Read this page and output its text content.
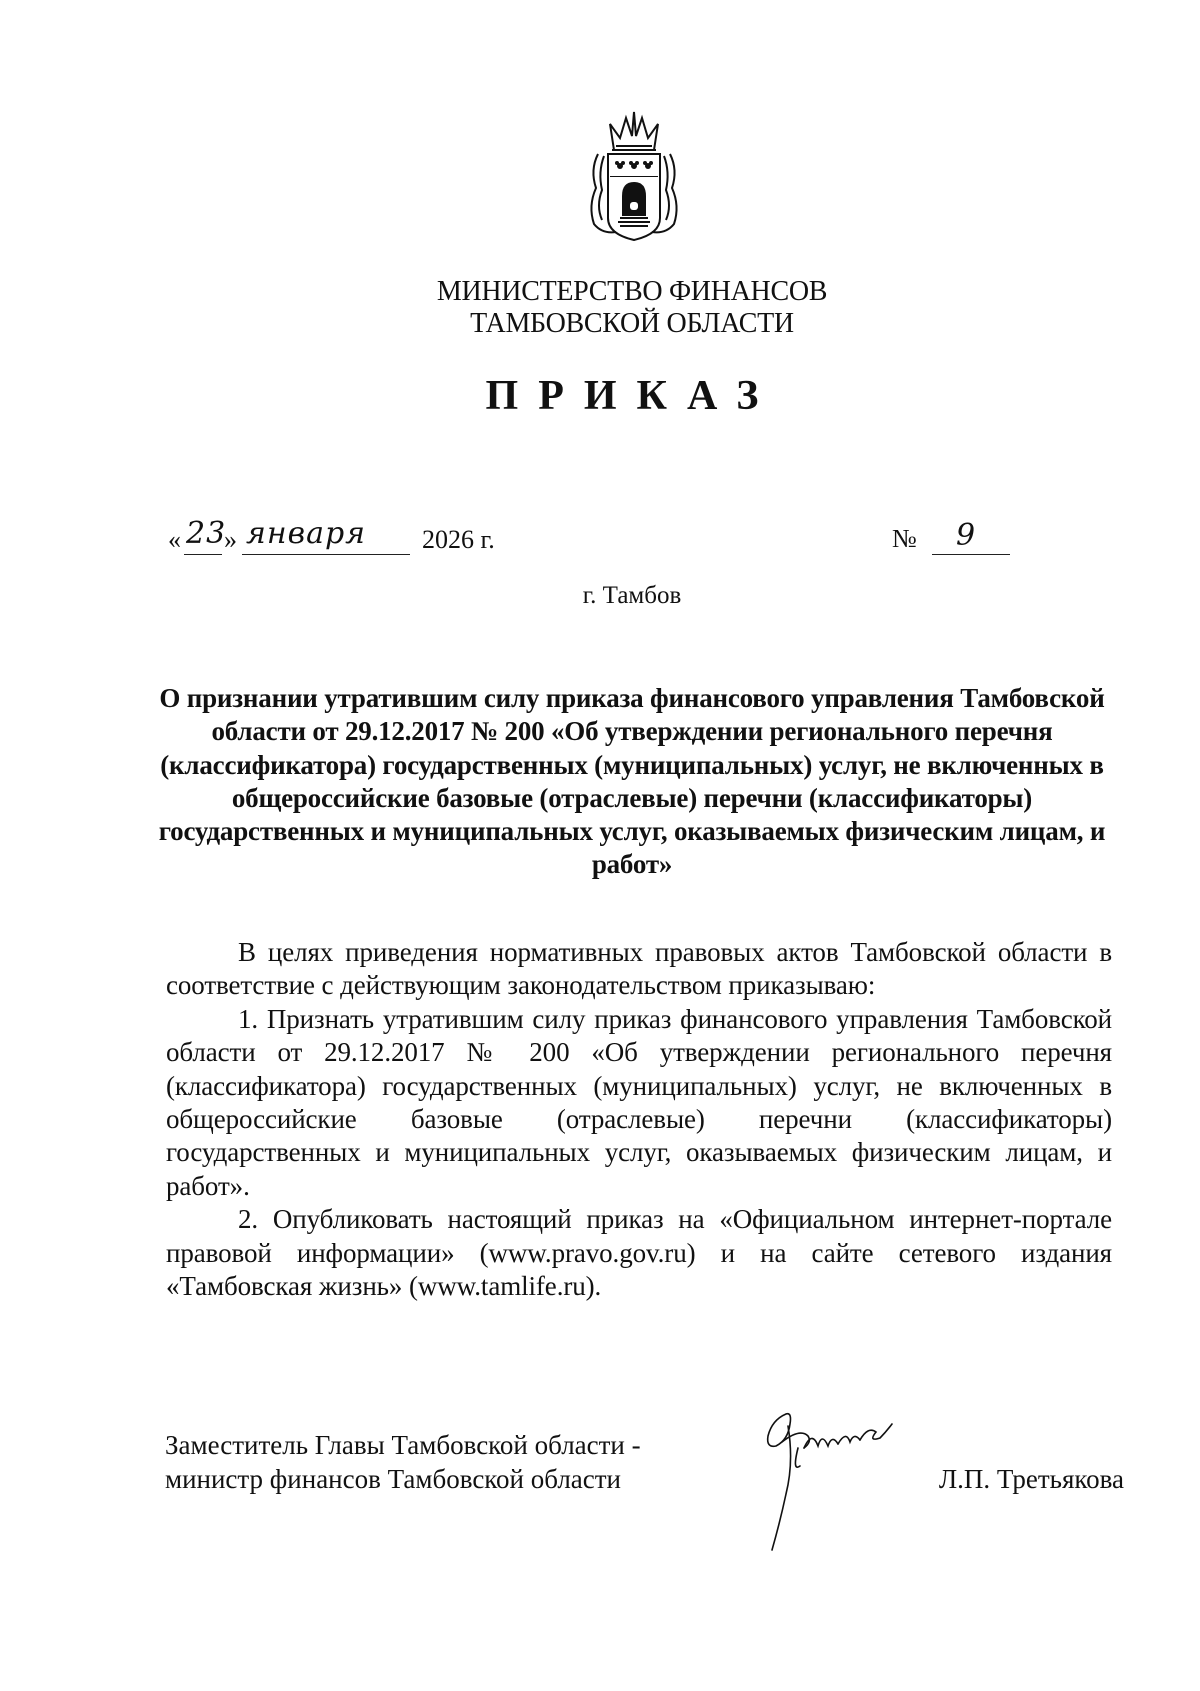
МИНИСТЕРСТВО ФИНАНСОВ
ТАМБОВСКОЙ ОБЛАСТИ
ПРИКАЗ
« 23
» января 2026 г.	№ 9
г. Тамбов
О признании утратившим силу приказа финансового управления Тамбовской области от 29.12.2017 № 200 «Об утверждении регионального перечня (классификатора) государственных (муниципальных) услуг, не включенных в общероссийские базовые (отраслевые) перечни (классификаторы) государственных и муниципальных услуг, оказываемых физическим лицам, и работ»

В целях приведения нормативных правовых актов Тамбовской области в соответствие с действующим законодательством приказываю:

1. Признать утратившим силу приказ финансового управления Тамбовской области от 29.12.2017 № 200 «Об утверждении регионального перечня (классификатора) государственных (муниципальных) услуг, не включенных в общероссийские базовые (отраслевые) перечни (классификаторы) государственных и муниципальных услуг, оказываемых физическим лицам, и работ».

2. Опубликовать настоящий приказ на «Официальном интернет-портале правовой информации» (www.pravo.gov.ru) и на сайте сетевого издания «Тамбовская жизнь» (www.tamlife.ru).

Заместитель Главы Тамбовской области -
министр финансов Тамбовской области	Л.П. Третьякова
